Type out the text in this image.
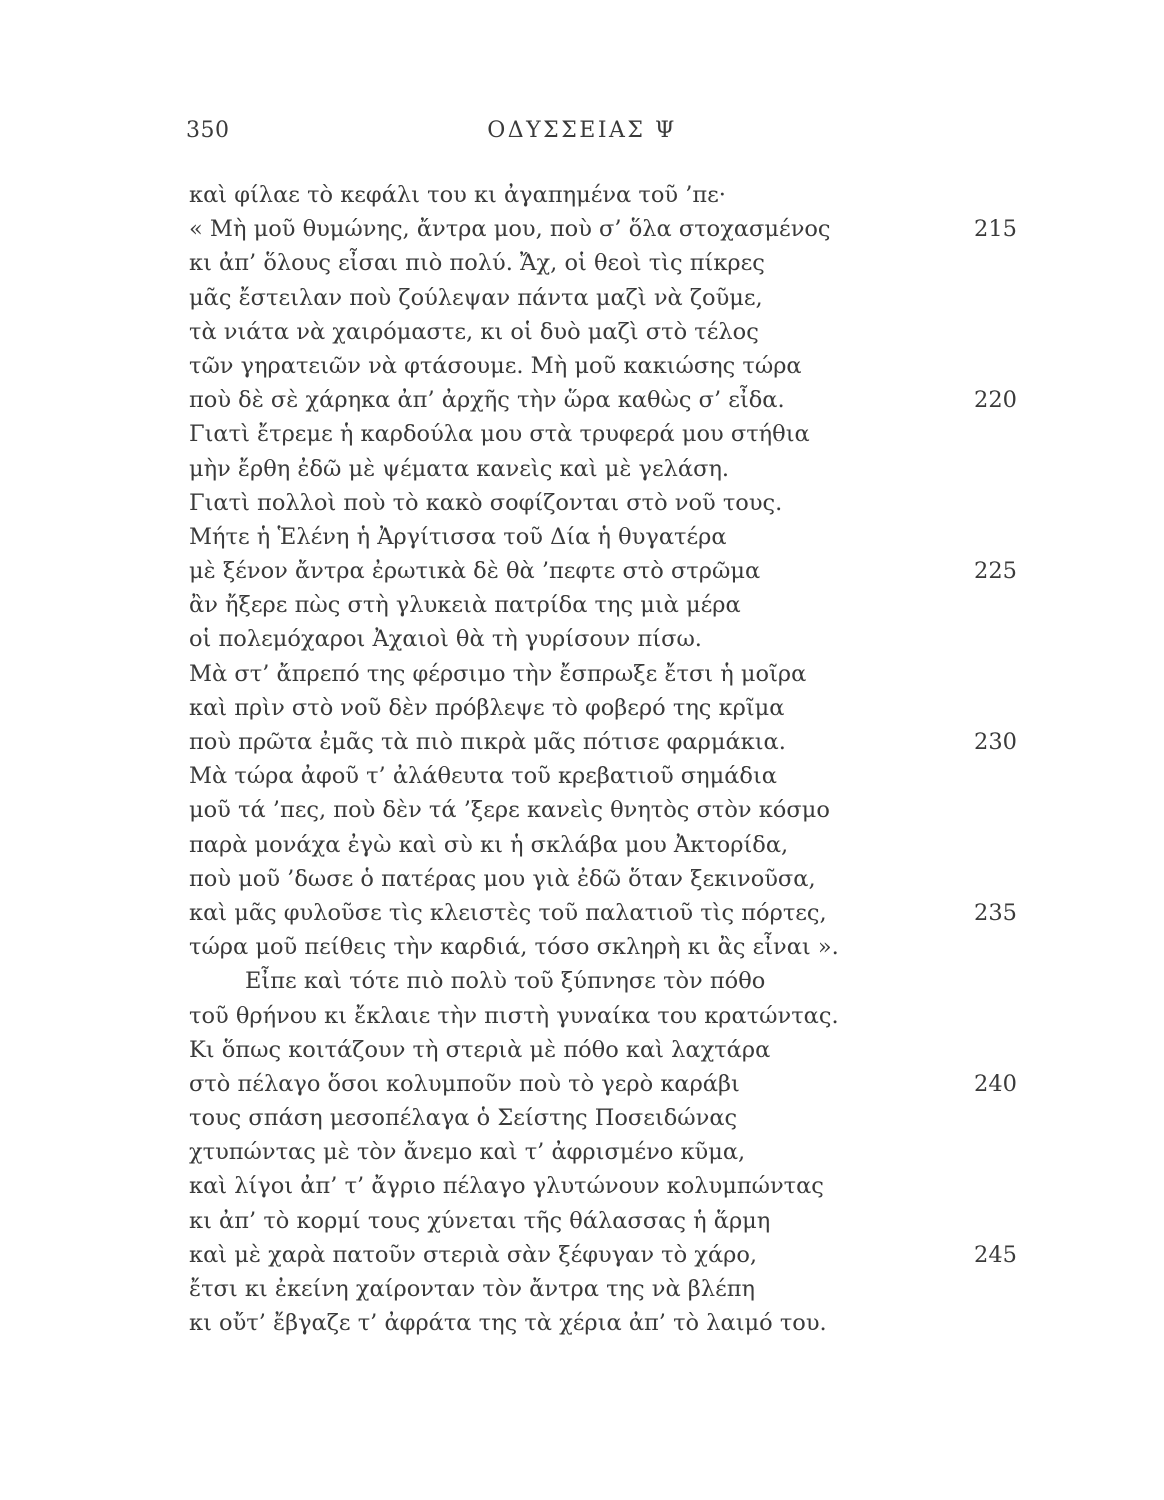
350	ΟΔΥΣΣΕΙΑΣ Ψ
καὶ φίλαε τὸ κεφάλι του κι ἀγαπημένα τοῦ ’πε·
« Μὴ μοῦ θυμώνης, ἄντρα μου, ποὺ σ’ ὅλα στοχασμένος	215
κι ἀπ’ ὅλους εἶσαι πιὸ πολύ. Ἄχ, οἱ θεοὶ τὶς πίκρες
μᾶς ἔστειλαν ποὺ ζούλεψαν πάντα μαζὶ νὰ ζοῦμε,
τὰ νιάτα νὰ χαιρόμαστε, κι οἱ δυὸ μαζὶ στὸ τέλος
τῶν γηρατειῶν νὰ φτάσουμε. Μὴ μοῦ κακιώσης τώρα
ποὺ δὲ σὲ χάρηκα ἀπ’ ἀρχῆς τὴν ὥρα καθὼς σ’ εἶδα.	220
Γιατὶ ἔτρεμε ἡ καρδούλα μου στὰ τρυφερά μου στήθια
μὴν ἔρθη ἐδῶ μὲ ψέματα κανεὶς καὶ μὲ γελάση.
Γιατὶ πολλοὶ ποὺ τὸ κακὸ σοφίζονται στὸ νοῦ τους.
Μήτε ἡ Ἑλένη ἡ Ἀργίτισσα τοῦ Δία ἡ θυγατέρα
μὲ ξένον ἄντρα ἐρωτικὰ δὲ θὰ ’πεφτε στὸ στρῶμα	225
ἂν ἤξερε πὼς στὴ γλυκειὰ πατρίδα της μιὰ μέρα
οἱ πολεμόχαροι Ἀχαιοὶ θὰ τὴ γυρίσουν πίσω.
Μὰ στ’ ἄπρεπό της φέρσιμο τὴν ἔσπρωξε ἔτσι ἡ μοῖρα
καὶ πρὶν στὸ νοῦ δὲν πρόβλεψε τὸ φοβερό της κρῖμα
ποὺ πρῶτα ἐμᾶς τὰ πιὸ πικρὰ μᾶς πότισε φαρμάκια.	230
Μὰ τώρα ἀφοῦ τ’ ἀλάθευτα τοῦ κρεβατιοῦ σημάδια
μοῦ τά ’πες, ποὺ δὲν τά ’ξερε κανεὶς θνητὸς στὸν κόσμο
παρὰ μονάχα ἐγὼ καὶ σὺ κι ἡ σκλάβα μου Ἀκτορίδα,
ποὺ μοῦ ’δωσε ὁ πατέρας μου γιὰ ἐδῶ ὅταν ξεκινοῦσα,
καὶ μᾶς φυλοῦσε τὶς κλειστὲς τοῦ παλατιοῦ τὶς πόρτες,	235
τώρα μοῦ πείθεις τὴν καρδιά, τόσο σκληρὴ κι ἂς εἶναι ».
Εἶπε καὶ τότε πιὸ πολὺ τοῦ ξύπνησε τὸν πόθο
τοῦ θρήνου κι ἔκλαιε τὴν πιστὴ γυναίκα του κρατώντας.
Κι ὅπως κοιτάζουν τὴ στεριὰ μὲ πόθο καὶ λαχτάρα
στὸ πέλαγο ὅσοι κολυμποῦν ποὺ τὸ γερὸ καράβι	240
τους σπάση μεσοπέλαγα ὁ Σείστης Ποσειδώνας
χτυπώντας μὲ τὸν ἄνεμο καὶ τ’ ἀφρισμένο κῦμα,
καὶ λίγοι ἀπ’ τ’ ἄγριο πέλαγο γλυτώνουν κολυμπώντας
κι ἀπ’ τὸ κορμί τους χύνεται τῆς θάλασσας ἡ ἅρμη
καὶ μὲ χαρὰ πατοῦν στεριὰ σὰν ξέφυγαν τὸ χάρο,	245
ἔτσι κι ἐκείνη χαίρονταν τὸν ἄντρα της νὰ βλέπη
κι οὔτ’ ἔβγαζε τ’ ἀφράτα της τὰ χέρια ἀπ’ τὸ λαιμό του.
